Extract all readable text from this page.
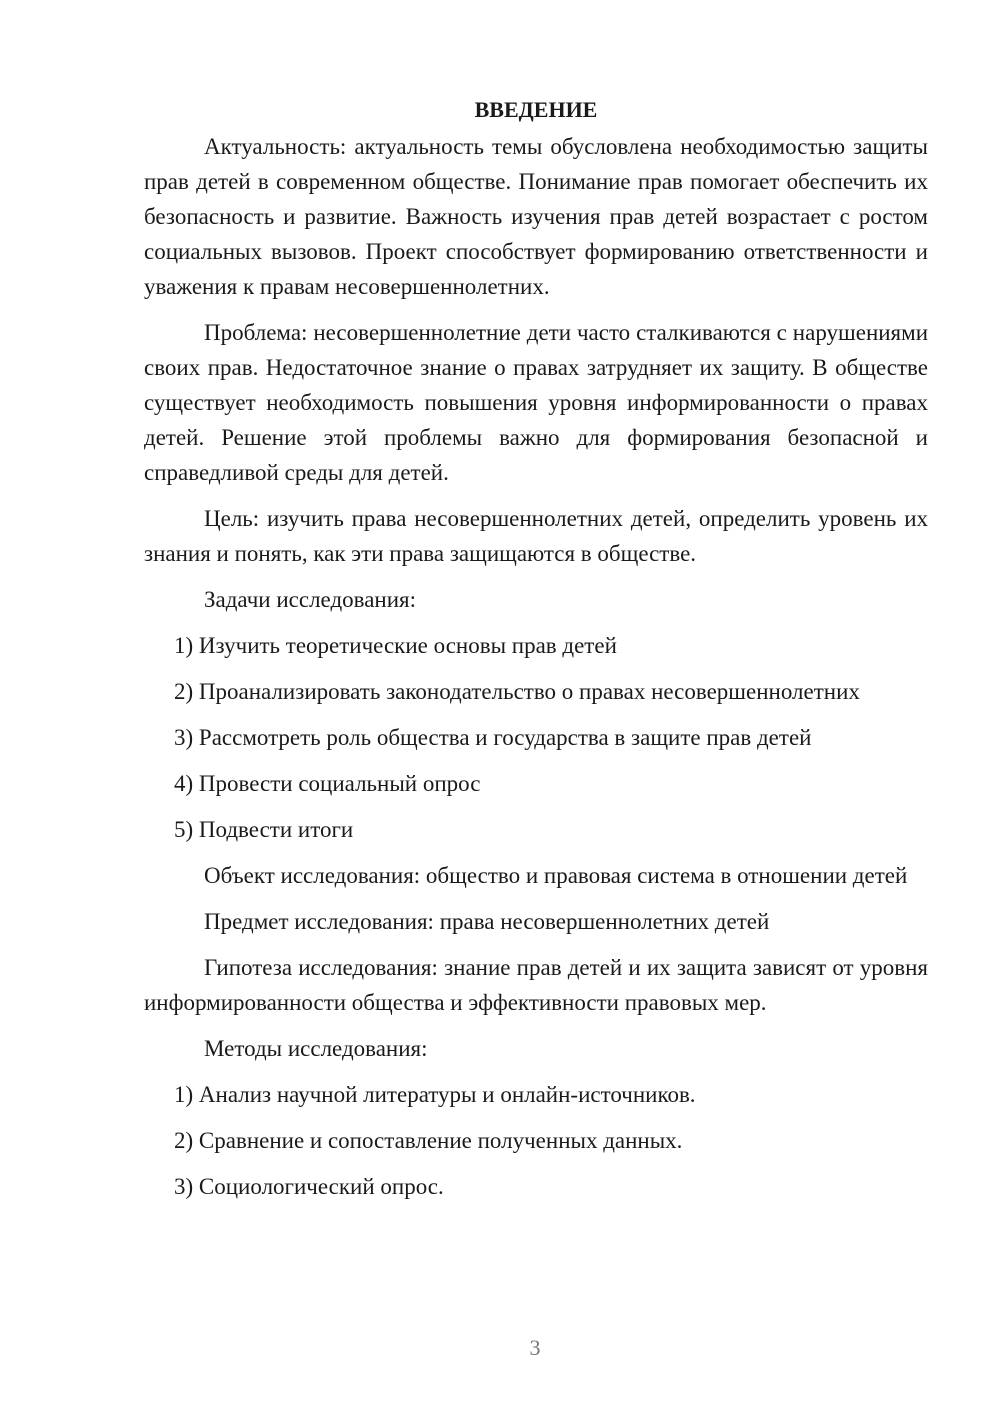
ВВЕДЕНИЕ

Актуальность: актуальность темы обусловлена необходимостью защиты прав детей в современном обществе. Понимание прав помогает обеспечить их безопасность и развитие. Важность изучения прав детей возрастает с ростом социальных вызовов. Проект способствует формированию ответственности и уважения к правам несовершеннолетних.

Проблема: несовершеннолетние дети часто сталкиваются с нарушениями своих прав. Недостаточное знание о правах затрудняет их защиту. В обществе существует необходимость повышения уровня информированности о правах детей. Решение этой проблемы важно для формирования безопасной и справедливой среды для детей.

Цель: изучить права несовершеннолетних детей, определить уровень их знания и понять, как эти права защищаются в обществе.

Задачи исследования:

1) Изучить теоретические основы прав детей

2) Проанализировать законодательство о правах несовершеннолетних

3) Рассмотреть роль общества и государства в защите прав детей

4) Провести социальный опрос

5) Подвести итоги

Объект исследования: общество и правовая система в отношении детей

Предмет исследования: права несовершеннолетних детей

Гипотеза исследования: знание прав детей и их защита зависят от уровня информированности общества и эффективности правовых мер.

Методы исследования:

1) Анализ научной литературы и онлайн-источников.

2) Сравнение и сопоставление полученных данных.

3) Социологический опрос.

3
